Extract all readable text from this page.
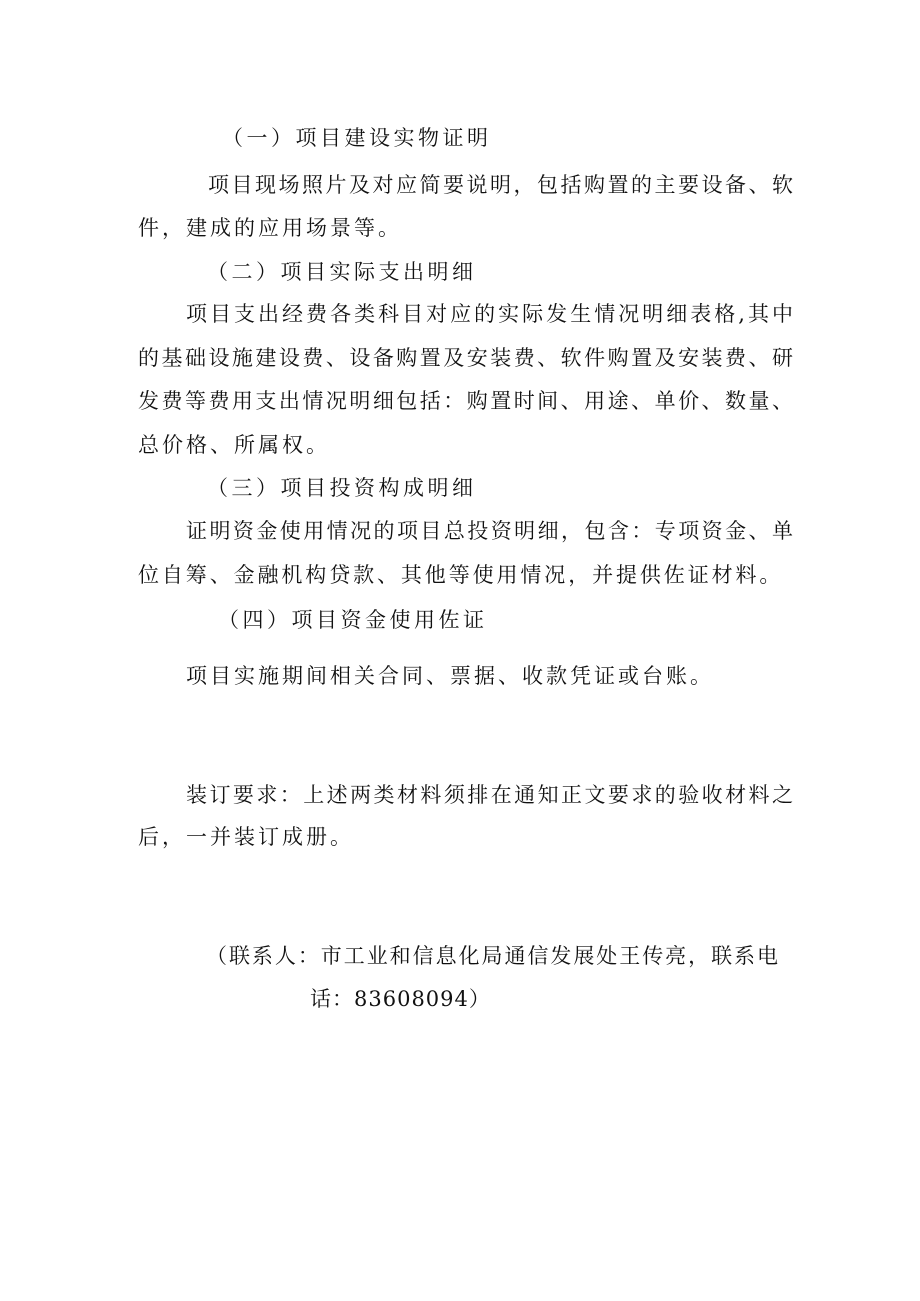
（一）项目建设实物证明

项目现场照片及对应简要说明，包括购置的主要设备、软

件，建成的应用场景等。

（二）项目实际支出明细

项目支出经费各类科目对应的实际发生情况明细表格,其中

的基础设施建设费、设备购置及安装费、软件购置及安装费、研

发费等费用支出情况明细包括：购置时间、用途、单价、数量、

总价格、所属权。

（三）项目投资构成明细

证明资金使用情况的项目总投资明细，包含：专项资金、单

位自筹、金融机构贷款、其他等使用情况，并提供佐证材料。

（四）项目资金使用佐证

项目实施期间相关合同、票据、收款凭证或台账。

装订要求：上述两类材料须排在通知正文要求的验收材料之

后，一并装订成册。

（联系人：市工业和信息化局通信发展处王传亮，联系电

话：83608094）
